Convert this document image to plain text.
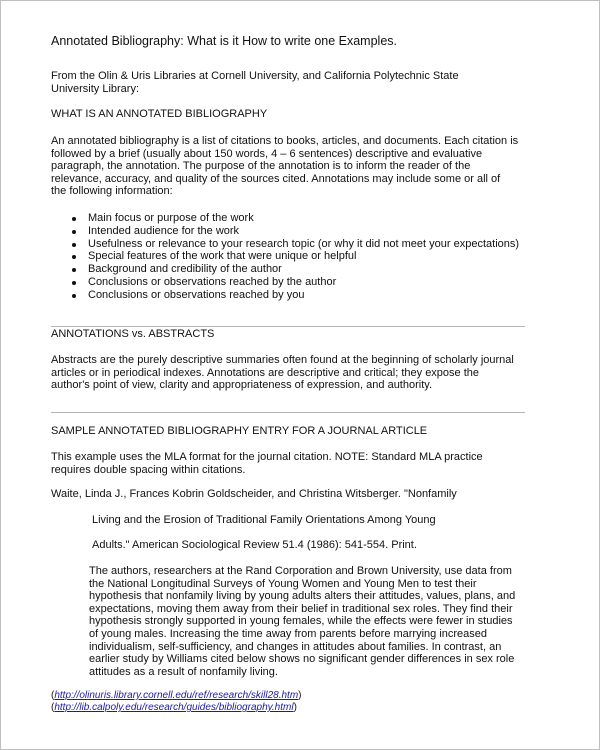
Annotated Bibliography: What is it How to write one Examples.
From the Olin & Uris Libraries at Cornell University, and California Polytechnic State
University Library:
WHAT IS AN ANNOTATED BIBLIOGRAPHY
An annotated bibliography is a list of citations to books, articles, and documents. Each citation is
followed by a brief (usually about 150 words, 4 – 6 sentences) descriptive and evaluative
paragraph, the annotation. The purpose of the annotation is to inform the reader of the
relevance, accuracy, and quality of the sources cited. Annotations may include some or all of
the following information:
Main focus or purpose of the work
Intended audience for the work
Usefulness or relevance to your research topic (or why it did not meet your expectations)
Special features of the work that were unique or helpful
Background and credibility of the author
Conclusions or observations reached by the author
Conclusions or observations reached by you
ANNOTATIONS vs. ABSTRACTS
Abstracts are the purely descriptive summaries often found at the beginning of scholarly journal
articles or in periodical indexes. Annotations are descriptive and critical; they expose the
author's point of view, clarity and appropriateness of expression, and authority.
SAMPLE ANNOTATED BIBLIOGRAPHY ENTRY FOR A JOURNAL ARTICLE
This example uses the MLA format for the journal citation. NOTE: Standard MLA practice
requires double spacing within citations.
Waite, Linda J., Frances Kobrin Goldscheider, and Christina Witsberger. "Nonfamily
Living and the Erosion of Traditional Family Orientations Among Young
Adults." American Sociological Review 51.4 (1986): 541-554. Print.
The authors, researchers at the Rand Corporation and Brown University, use data from
the National Longitudinal Surveys of Young Women and Young Men to test their
hypothesis that nonfamily living by young adults alters their attitudes, values, plans, and
expectations, moving them away from their belief in traditional sex roles. They find their
hypothesis strongly supported in young females, while the effects were fewer in studies
of young males. Increasing the time away from parents before marrying increased
individualism, self-sufficiency, and changes in attitudes about families. In contrast, an
earlier study by Williams cited below shows no significant gender differences in sex role
attitudes as a result of nonfamily living.
(http://olinuris.library.cornell.edu/ref/research/skill28.htm)
(http://lib.calpoly.edu/research/guides/bibliography.html)
